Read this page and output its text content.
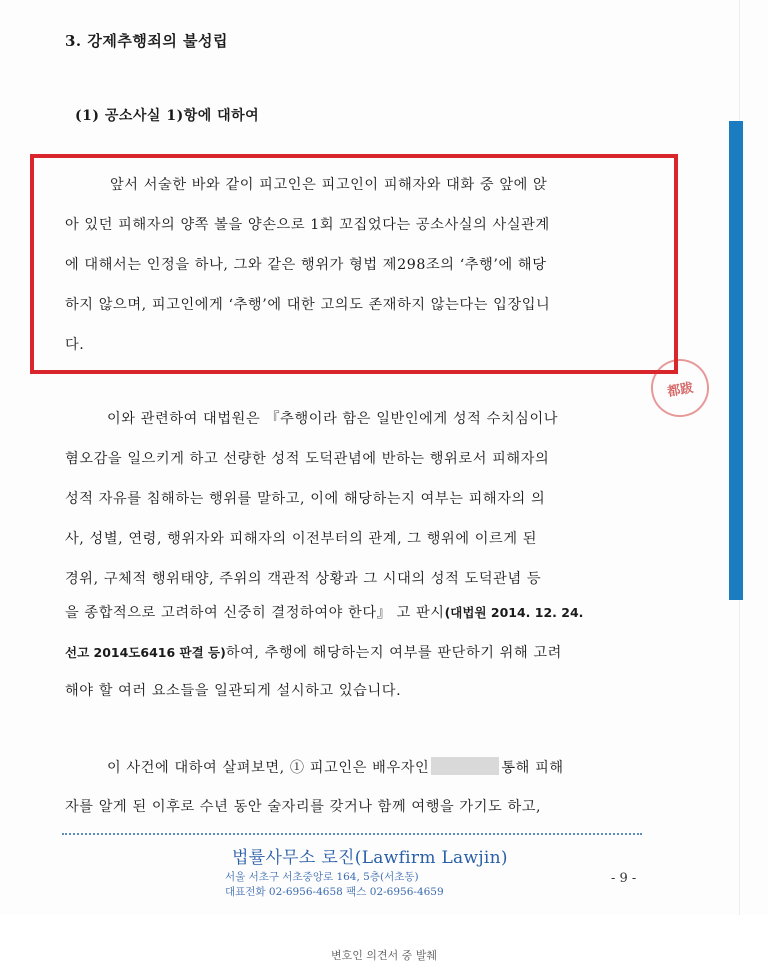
都跋
3. 강제추행죄의 불성립
(1) 공소사실 1)항에 대하여
앞서 서술한 바와 같이 피고인은 피고인이 피해자와 대화 중 앞에 앉
아 있던 피해자의 양쪽 볼을 양손으로 1회 꼬집었다는 공소사실의 사실관계
에 대해서는 인정을 하나, 그와 같은 행위가 형법 제298조의 ‘추행’에 해당
하지 않으며, 피고인에게 ‘추행’에 대한 고의도 존재하지 않는다는 입장입니
다.
이와 관련하여 대법원은 『추행이라 함은 일반인에게 성적 수치심이나
혐오감을 일으키게 하고 선량한 성적 도덕관념에 반하는 행위로서 피해자의
성적 자유를 침해하는 행위를 말하고, 이에 해당하는지 여부는 피해자의 의
사, 성별, 연령, 행위자와 피해자의 이전부터의 관계, 그 행위에 이르게 된
경위, 구체적 행위태양, 주위의 객관적 상황과 그 시대의 성적 도덕관념 등
을 종합적으로 고려하여 신중히 결정하여야 한다』 고 판시(대법원 2014. 12. 24.
선고 2014도6416 판결 등)하여, 추행에 해당하는지 여부를 판단하기 위해 고려
해야 할 여러 요소들을 일관되게 설시하고 있습니다.
이 사건에 대하여 살펴보면, ① 피고인은 배우자인	통해 피해
자를 알게 된 이후로 수년 동안 술자리를 갖거나 함께 여행을 가기도 하고,
법률사무소 로진(Lawfirm Lawjin)
서울 서초구 서초중앙로 164, 5층(서초동)
대표전화 02-6956-4658 팩스 02-6956-4659
- 9 -
변호인 의견서 중 발췌
